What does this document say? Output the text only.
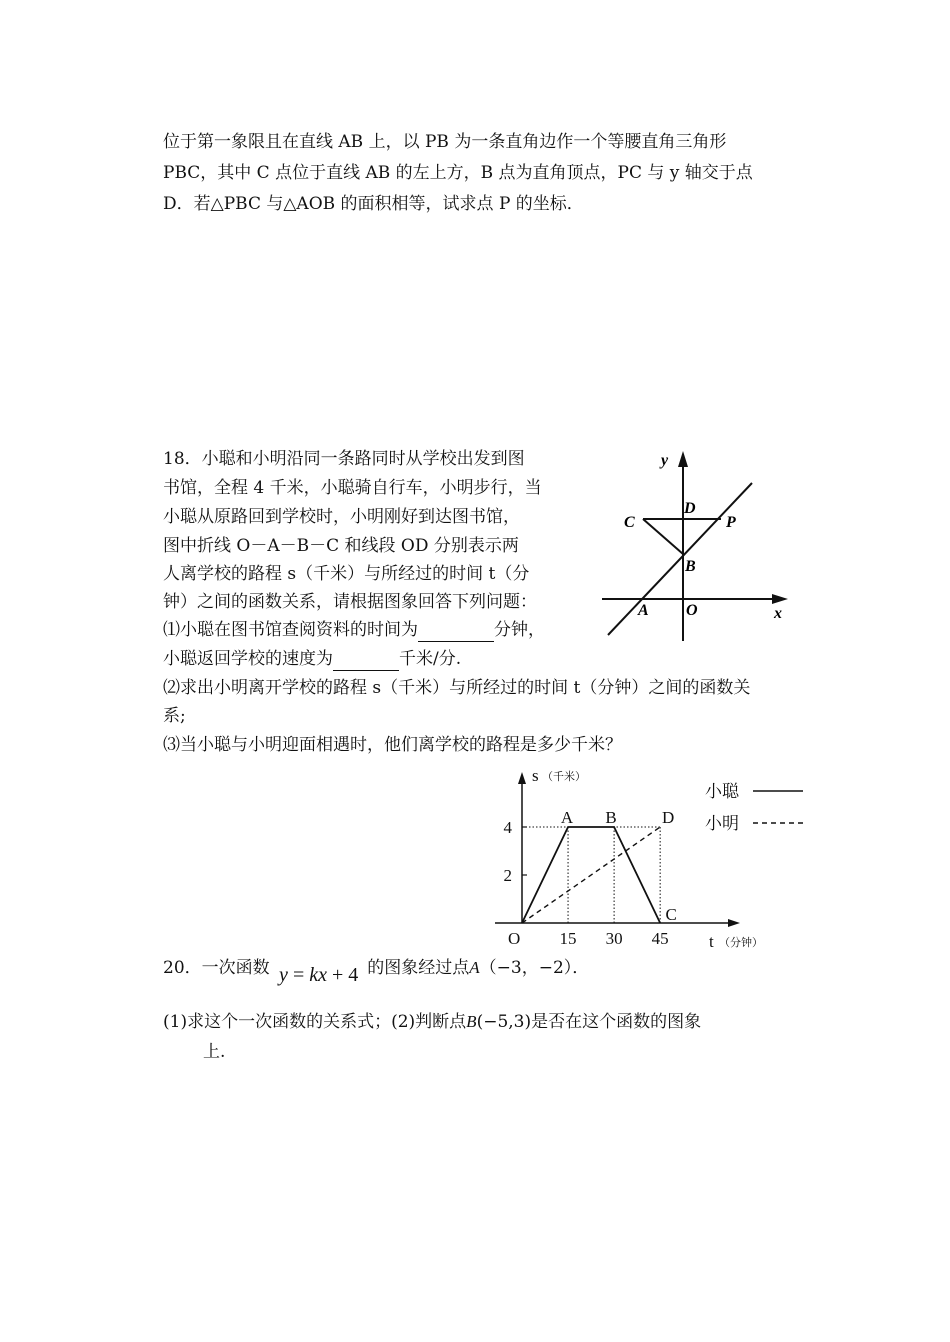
位于第一象限且在直线 AB 上，以 PB 为一条直角边作一个等腰直角三角形
PBC，其中 C 点位于直线 AB 的左上方，B 点为直角顶点，PC 与 y 轴交于点
D．若△PBC 与△AOB 的面积相等，试求点 P 的坐标．
18．小聪和小明沿同一条路同时从学校出发到图
书馆，全程 4 千米，小聪骑自行车，小明步行，当
小聪从原路回到学校时，小明刚好到达图书馆，
图中折线 O－A－B－C 和线段 OD 分别表示两
人离学校的路程 s（千米）与所经过的时间 t（分
钟）之间的函数关系，请根据图象回答下列问题：
⑴小聪在图书馆查阅资料的时间为	分钟，
小聪返回学校的速度为	千米/分.
⑵求出小明离开学校的路程 s（千米）与所经过的时间 t（分钟）之间的函数关
系;
⑶当小聪与小明迎面相遇时，他们离学校的路程是多少千米？
y
D
C	P
B
A O	x
15 30 45
2
4
O
A B	D
C
s （千米）
t （分钟）
小聪
小明
20．一次函数 y = kx + 4 的图象经过点A（−3，−2）．
(1)求这个一次函数的关系式；(2)判断点B(−5,3)是否在这个函数的图象
上.
